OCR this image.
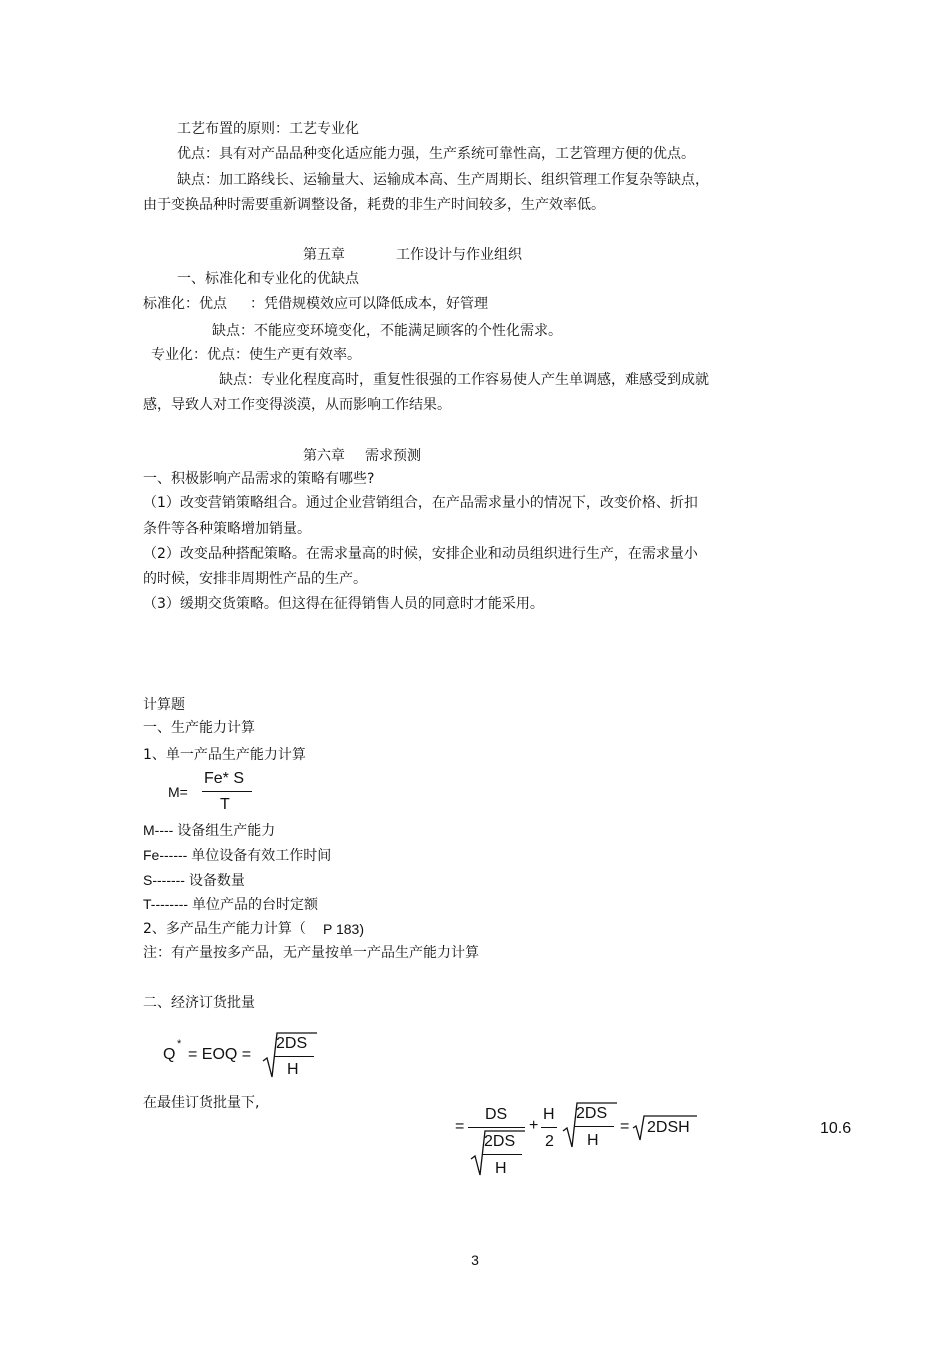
工艺布置的原则：工艺专业化
优点：具有对产品品种变化适应能力强，生产系统可靠性高，工艺管理方便的优点。
缺点：加工路线长、运输量大、运输成本高、生产周期长、组织管理工作复杂等缺点，
由于变换品种时需要重新调整设备，耗费的非生产时间较多，生产效率低。
第五章	工作设计与作业组织
一、标准化和专业化的优缺点
标准化：优点 ：凭借规模效应可以降低成本，好管理
缺点：不能应变环境变化，不能满足顾客的个性化需求。
专业化：优点：使生产更有效率。
缺点：专业化程度高时，重复性很强的工作容易使人产生单调感，难感受到成就
感，导致人对工作变得淡漠，从而影响工作结果。
第六章 需求预测
一、积极影响产品需求的策略有哪些?
（1）改变营销策略组合。通过企业营销组合，在产品需求量小的情况下，改变价格、折扣
条件等各种策略增加销量。
（2）改变品种搭配策略。在需求量高的时候，安排企业和动员组织进行生产，在需求量小
的时候，安排非周期性产品的生产。
（3）缓期交货策略。但这得在征得销售人员的同意时才能采用。
计算题
一、生产能力计算
1、单一产品生产能力计算
M=
Fe* S
T
M---- 设备组生产能力
Fe------ 单位设备有效工作时间
S------- 设备数量
T-------- 单位产品的台时定额
2、多产品生产能力计算（ P 183)
注：有产量按多产品，无产量按单一产品生产能力计算
二、经济订货批量
Q
*
= EOQ =
2DS
H
在最佳订货批量下,
=
DS
2DS
H
+
H
2
2DS
H
= 2DSH	10.6
3
